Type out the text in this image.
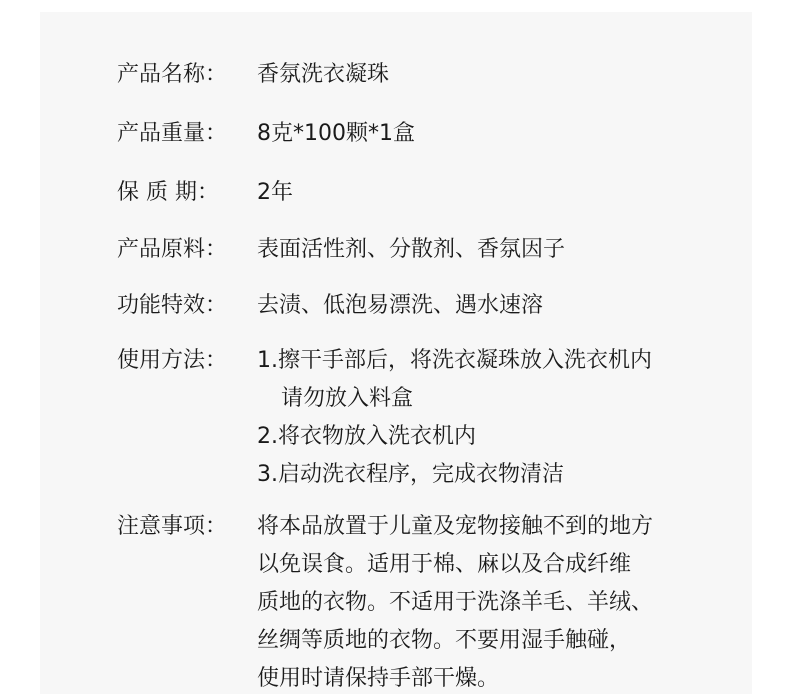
产品名称：	香氛洗衣凝珠
产品重量：	8克*100颗*1盒
保 质 期：	2年
产品原料：	表面活性剂、分散剂、香氛因子
功能特效：	去渍、低泡易漂洗、遇水速溶
使用方法：	1.擦干手部后，将洗衣凝珠放入洗衣机内
请勿放入料盒
2.将衣物放入洗衣机内
3.启动洗衣程序，完成衣物清洁
注意事项：	将本品放置于儿童及宠物接触不到的地方
以免误食。适用于棉、麻以及合成纤维
质地的衣物。不适用于洗涤羊毛、羊绒、
丝绸等质地的衣物。不要用湿手触碰，
使用时请保持手部干燥。
